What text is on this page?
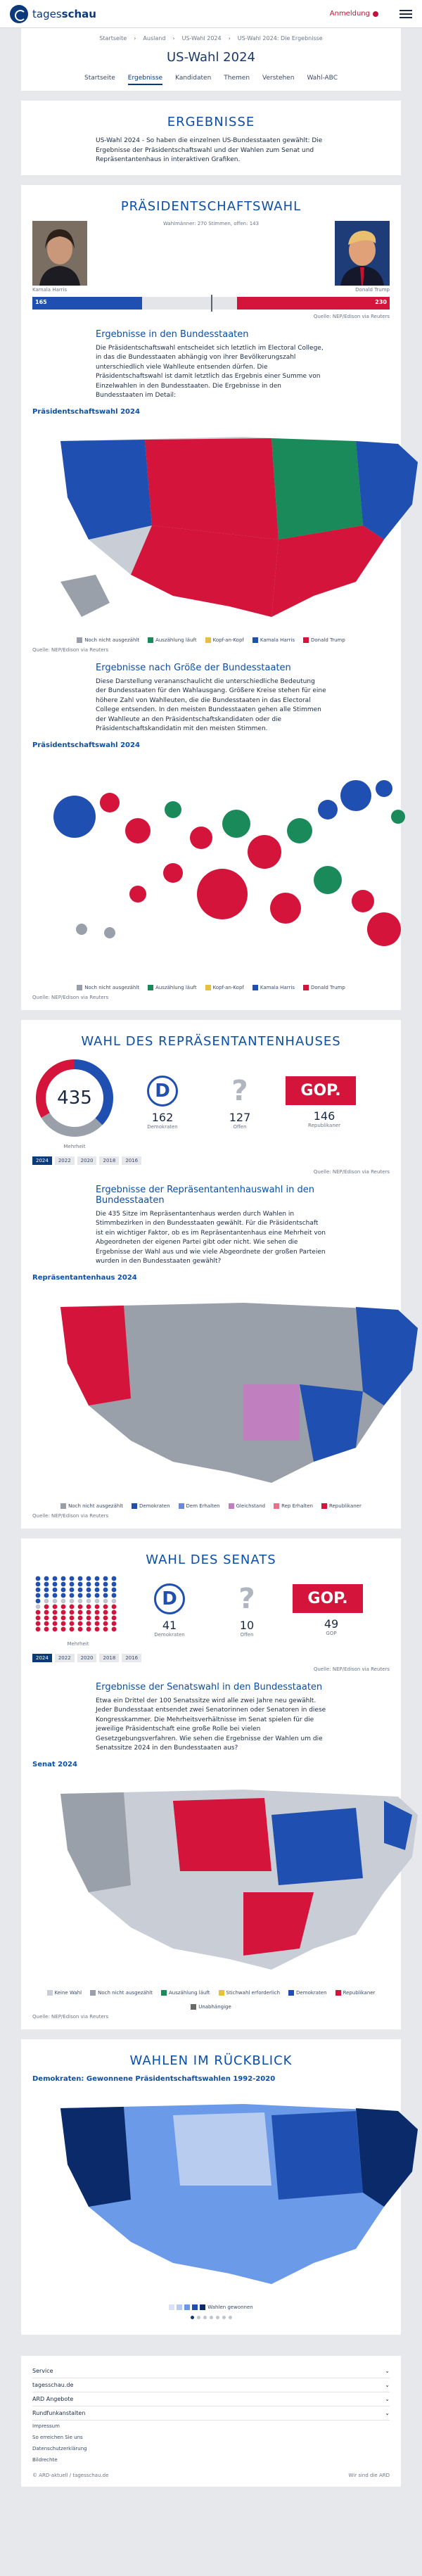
tagesschau	Anmeldung
Startseite › Ausland › US-Wahl 2024 › US-Wahl 2024: Die Ergebnisse
US-Wahl 2024
Startseite Ergebnisse Kandidaten Themen Verstehen Wahl-ABC
ERGEBNISSE

US-Wahl 2024 - So haben die einzelnen US-Bundesstaaten gewählt: Die Ergebnisse der Präsidentschaftswahl und der Wahlen zum Senat und Repräsentantenhaus in interaktiven Grafiken.

PRÄSIDENTSCHAFTSWAHL
Kamala Harris
Wahlmänner: 270 Stimmen, offen: 143
Donald Trump
165	230
Quelle: NEP/Edison via Reuters
Ergebnisse in den Bundesstaaten

Die Präsidentschaftswahl entscheidet sich letztlich im Electoral College, in das die Bundesstaaten abhängig von ihrer Bevölkerungszahl unterschiedlich viele Wahlleute entsenden dürfen. Die Präsidentschaftswahl ist damit letztlich das Ergebnis einer Summe von Einzelwahlen in den Bundesstaaten. Die Ergebnisse in den Bundesstaaten im Detail:

Präsidentschaftswahl 2024
Noch nicht ausgezählt	Auszählung läuft	Kopf-an-Kopf	Kamala Harris	Donald Trump
Quelle: NEP/Edison via Reuters
Ergebnisse nach Größe der Bundesstaaten

Diese Darstellung verananschaulicht die unterschiedliche Bedeutung der Bundesstaaten für den Wahlausgang. Größere Kreise stehen für eine höhere Zahl von Wahlleuten, die die Bundesstaaten in das Electoral College entsenden. In den meisten Bundesstaaten gehen alle Stimmen der Wahlleute an den Präsidentschaftskandidaten oder die Präsidentschaftskandidatin mit den meisten Stimmen.

Präsidentschaftswahl 2024
Noch nicht ausgezählt	Auszählung läuft	Kopf-an-Kopf	Kamala Harris	Donald Trump
Quelle: NEP/Edison via Reuters
WAHL DES REPRÄSENTANTENHAUSES
435
Mehrheit
D
162
Demokraten
?
127
Offen
GOP.
146
Republikaner
2024	2022	2020	2018	2016
Quelle: NEP/Edison via Reuters
Ergebnisse der Repräsentantenhauswahl in den Bundesstaaten

Die 435 Sitze im Repräsentantenhaus werden durch Wahlen in Stimmbezirken in den Bundesstaaten gewählt. Für die Präsidentschaft ist ein wichtiger Faktor, ob es im Repräsentantenhaus eine Mehrheit von Abgeordneten der eigenen Partei gibt oder nicht. Wie sehen die Ergebnisse der Wahl aus und wie viele Abgeordnete der großen Parteien wurden in den Bundesstaaten gewählt?

Repräsentantenhaus 2024
Noch nicht ausgezählt	Demokraten	Dem Erhalten	Gleichstand	Rep Erhalten	Republikaner
Quelle: NEP/Edison via Reuters
WAHL DES SENATS
Mehrheit
D
41
Demokraten
?
10
Offen
GOP.
49
GOP
2024	2022	2020	2018	2016
Quelle: NEP/Edison via Reuters
Ergebnisse der Senatswahl in den Bundesstaaten

Etwa ein Drittel der 100 Senatssitze wird alle zwei Jahre neu gewählt. Jeder Bundesstaat entsendet zwei Senatorinnen oder Senatoren in diese Kongresskammer. Die Mehrheitsverhältnisse im Senat spielen für die jeweilige Präsidentschaft eine große Rolle bei vielen Gesetzgebungsverfahren. Wie sehen die Ergebnisse der Wahlen um die Senatssitze 2024 in den Bundesstaaten aus?

Senat 2024
Keine Wahl	Noch nicht ausgezählt	Auszählung läuft	Stichwahl erforderlich	Demokraten	Republikaner
Unabhängige
Quelle: NEP/Edison via Reuters
WAHLEN IM RÜCKBLICK
Demokraten: Gewonnene Präsidentschaftswahlen 1992-2020
Wahlen gewonnen
Service	⌄
tagesschau.de	⌄
ARD Angebote	⌄
Rundfunkanstalten	⌄
Impressum
So erreichen Sie uns
Datenschutzerklärung
Bildrechte
© ARD-aktuell / tagesschau.de	Wir sind die ARD
